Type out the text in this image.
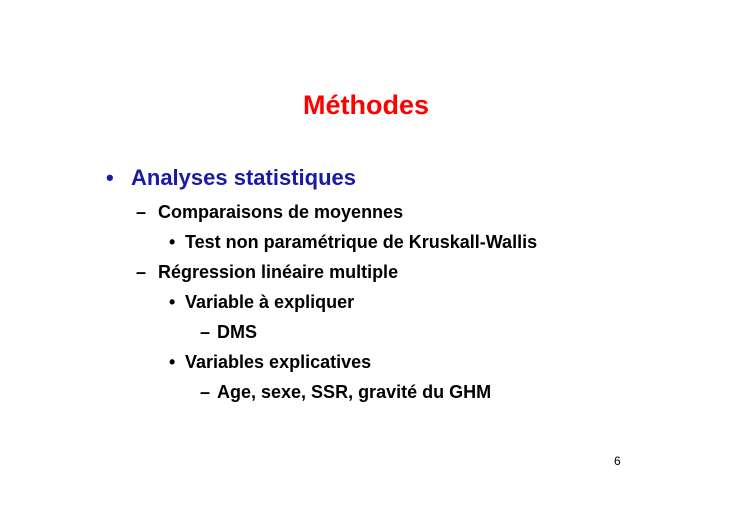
Méthodes
• Analyses statistiques
– Comparaisons de moyennes
• Test non paramétrique de Kruskall-Wallis
– Régression linéaire multiple
• Variable à expliquer
– DMS
• Variables explicatives
– Age, sexe, SSR, gravité du GHM
6
